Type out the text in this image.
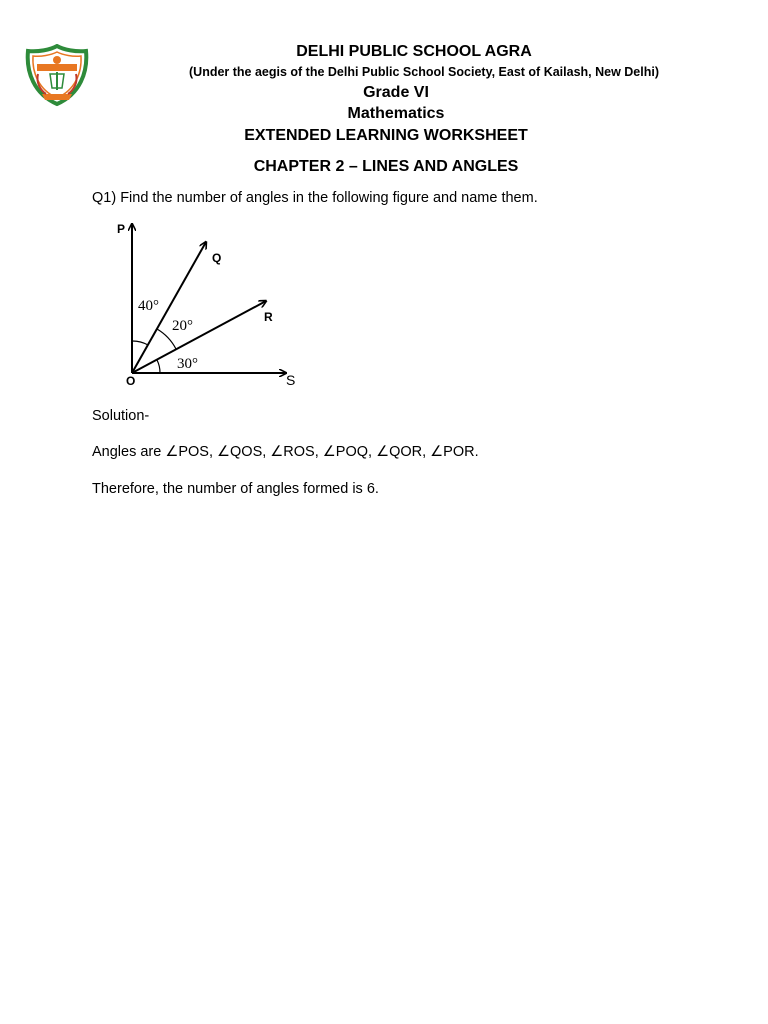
DELHI PUBLIC SCHOOL AGRA
(Under the aegis of the Delhi Public School Society, East of Kailash, New Delhi)
Grade VI
Mathematics
EXTENDED LEARNING WORKSHEET
CHAPTER 2 – LINES AND ANGLES
Q1) Find the number of angles in the following figure and name them.
P
Q
R
O	S
40°
20°
30°
Solution-
Angles are ∠POS, ∠QOS, ∠ROS, ∠POQ, ∠QOR, ∠POR.
Therefore, the number of angles formed is 6.
